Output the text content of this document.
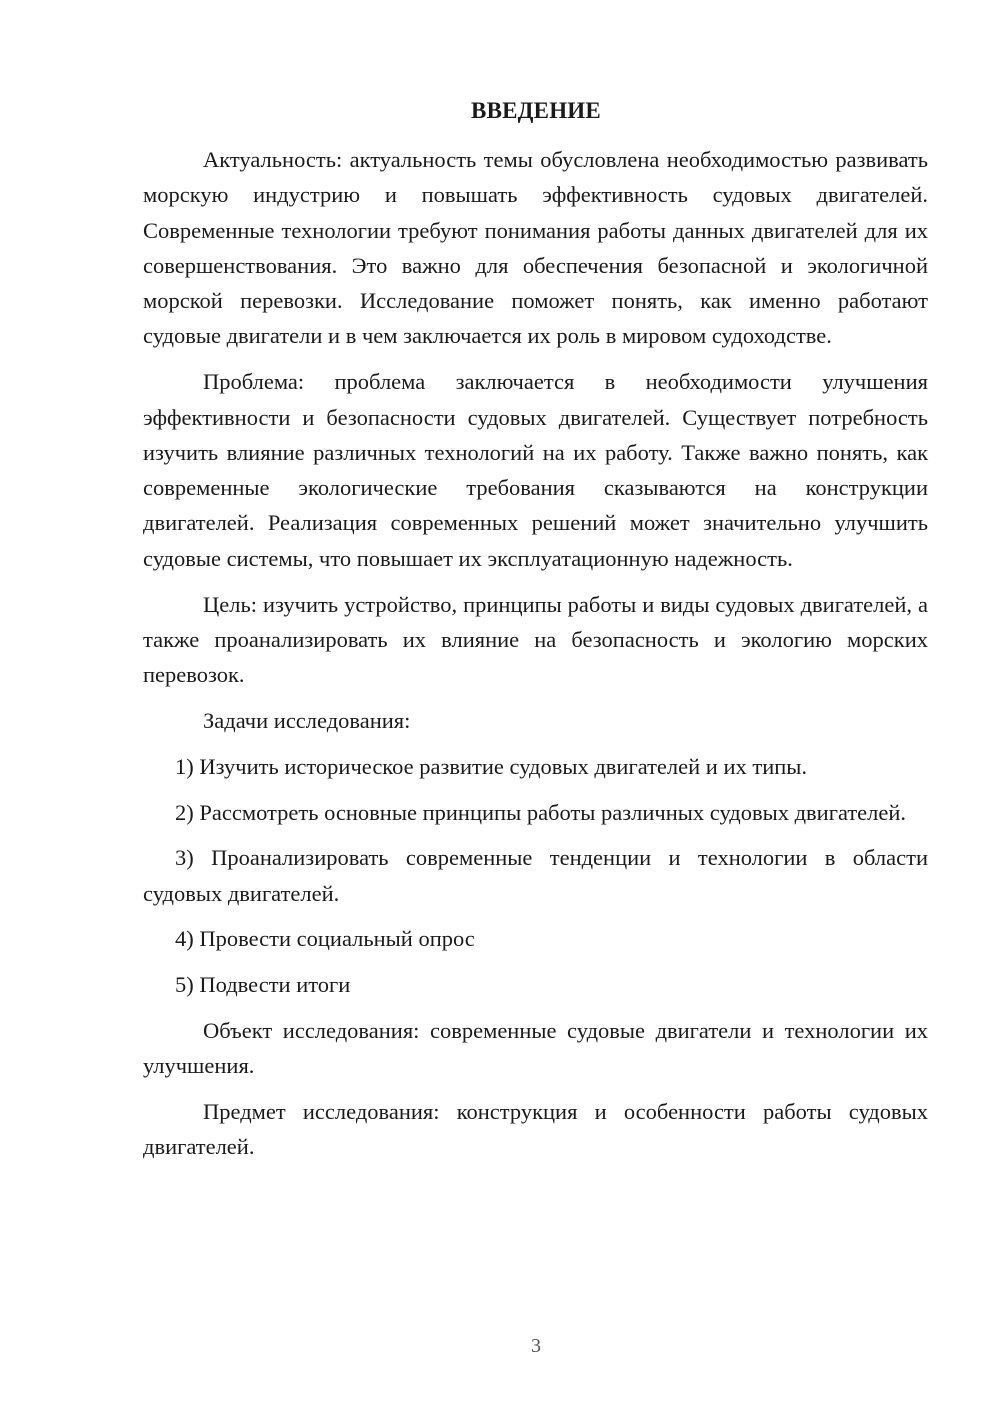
ВВЕДЕНИЕ

Актуальность: актуальность темы обусловлена необходимостью развивать морскую индустрию и повышать эффективность судовых двигателей. Современные технологии требуют понимания работы данных двигателей для их совершенствования. Это важно для обеспечения безопасной и экологичной морской перевозки. Исследование поможет понять, как именно работают судовые двигатели и в чем заключается их роль в мировом судоходстве.

Проблема: проблема заключается в необходимости улучшения эффективности и безопасности судовых двигателей. Существует потребность изучить влияние различных технологий на их работу. Также важно понять, как современные экологические требования сказываются на конструкции двигателей. Реализация современных решений может значительно улучшить судовые системы, что повышает их эксплуатационную надежность.

Цель: изучить устройство, принципы работы и виды судовых двигателей, а также проанализировать их влияние на безопасность и экологию морских перевозок.

Задачи исследования:

1) Изучить историческое развитие судовых двигателей и их типы.

2) Рассмотреть основные принципы работы различных судовых двигателей.

3) Проанализировать современные тенденции и технологии в области судовых двигателей.

4) Провести социальный опрос

5) Подвести итоги

Объект исследования: современные судовые двигатели и технологии их улучшения.

Предмет исследования: конструкция и особенности работы судовых двигателей.

3
